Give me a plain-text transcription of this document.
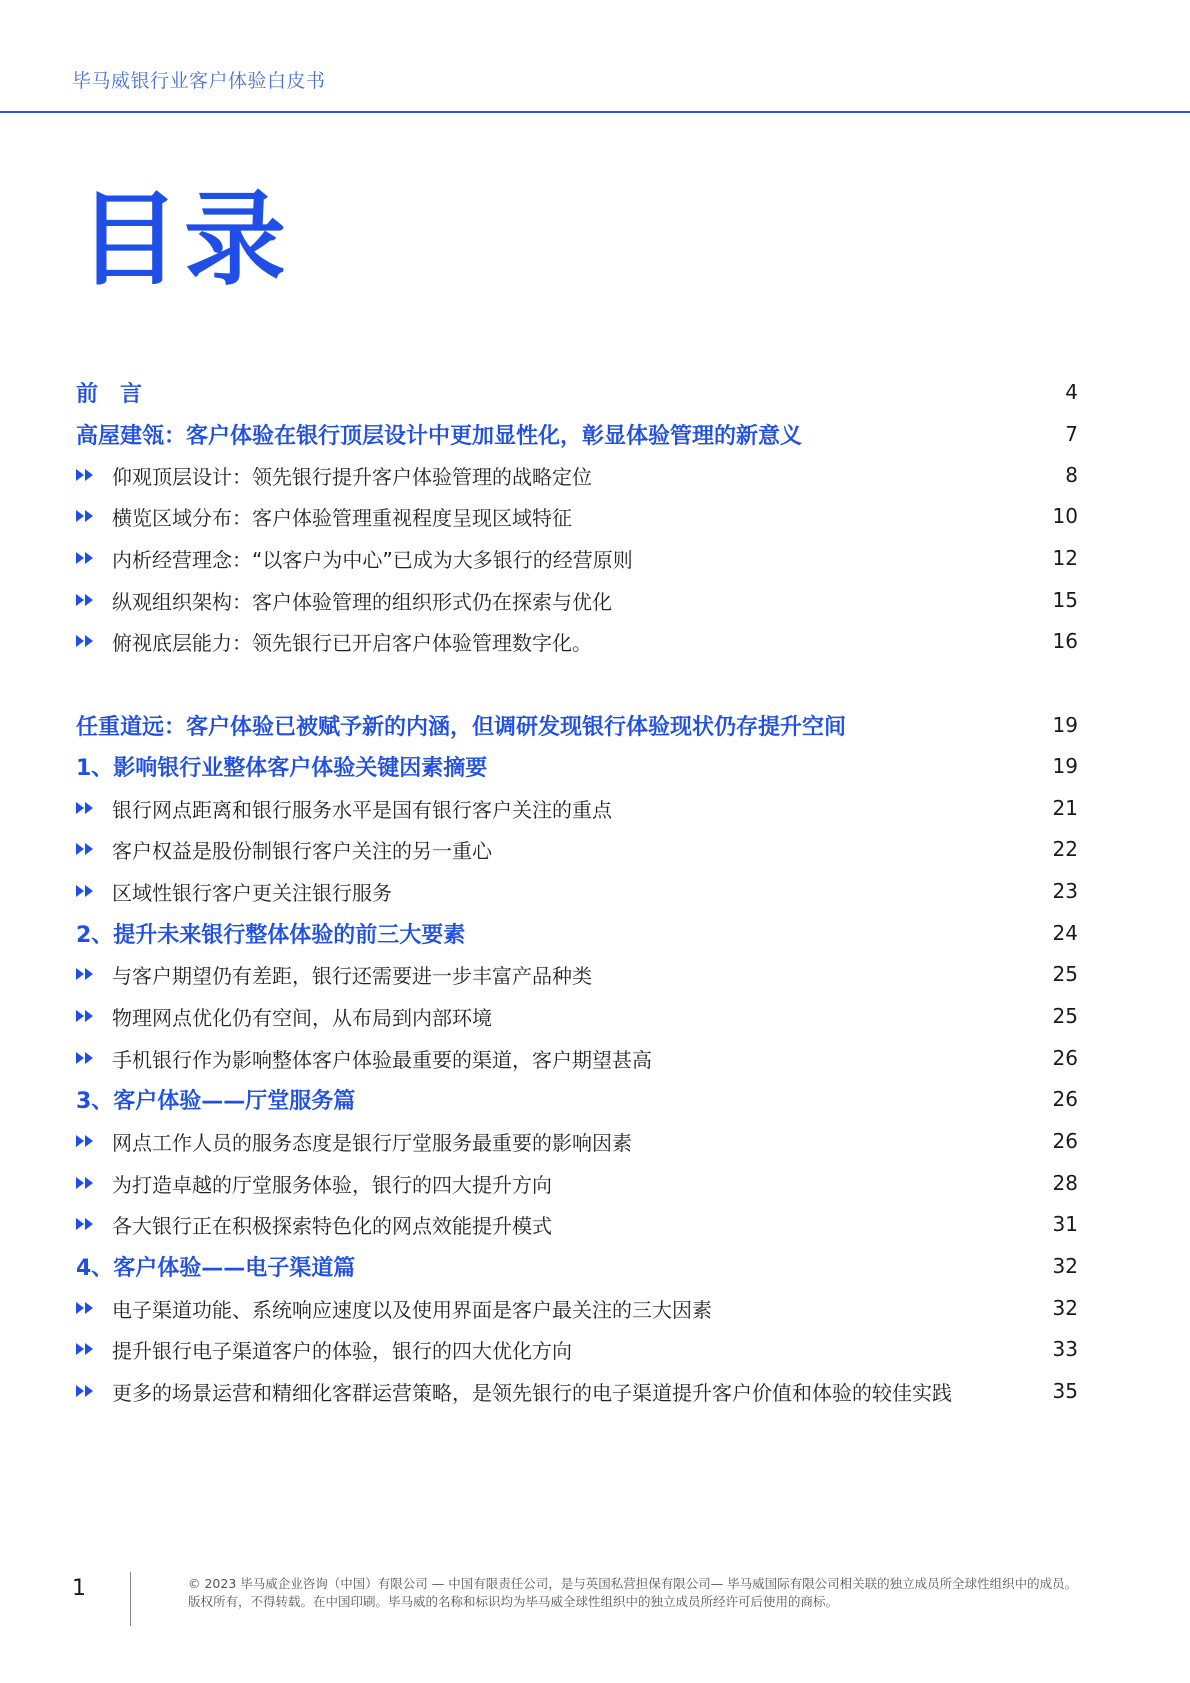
毕马威银行业客户体验白皮书
目录
前　言	4
高屋建瓴：客户体验在银行顶层设计中更加显性化，彰显体验管理的新意义	7
仰观顶层设计：领先银行提升客户体验管理的战略定位	8
横览区域分布：客户体验管理重视程度呈现区域特征	10
内析经营理念：“以客户为中心”已成为大多银行的经营原则	12
纵观组织架构：客户体验管理的组织形式仍在探索与优化	15
俯视底层能力：领先银行已开启客户体验管理数字化。	16
任重道远：客户体验已被赋予新的内涵，但调研发现银行体验现状仍存提升空间	19
1、影响银行业整体客户体验关键因素摘要	19
银行网点距离和银行服务水平是国有银行客户关注的重点	21
客户权益是股份制银行客户关注的另一重心	22
区域性银行客户更关注银行服务	23
2、提升未来银行整体体验的前三大要素	24
与客户期望仍有差距，银行还需要进一步丰富产品种类	25
物理网点优化仍有空间，从布局到内部环境	25
手机银行作为影响整体客户体验最重要的渠道，客户期望甚高	26
3、客户体验——厅堂服务篇	26
网点工作人员的服务态度是银行厅堂服务最重要的影响因素	26
为打造卓越的厅堂服务体验，银行的四大提升方向	28
各大银行正在积极探索特色化的网点效能提升模式	31
4、客户体验——电子渠道篇	32
电子渠道功能、系统响应速度以及使用界面是客户最关注的三大因素	32
提升银行电子渠道客户的体验，银行的四大优化方向	33
更多的场景运营和精细化客群运营策略，是领先银行的电子渠道提升客户价值和体验的较佳实践	35
1	© 2023 毕马威企业咨询（中国）有限公司 — 中国有限责任公司，是与英国私营担保有限公司— 毕马威国际有限公司相关联的独立成员所全球性组织中的成员。
版权所有，不得转载。在中国印刷。毕马威的名称和标识均为毕马威全球性组织中的独立成员所经许可后使用的商标。
